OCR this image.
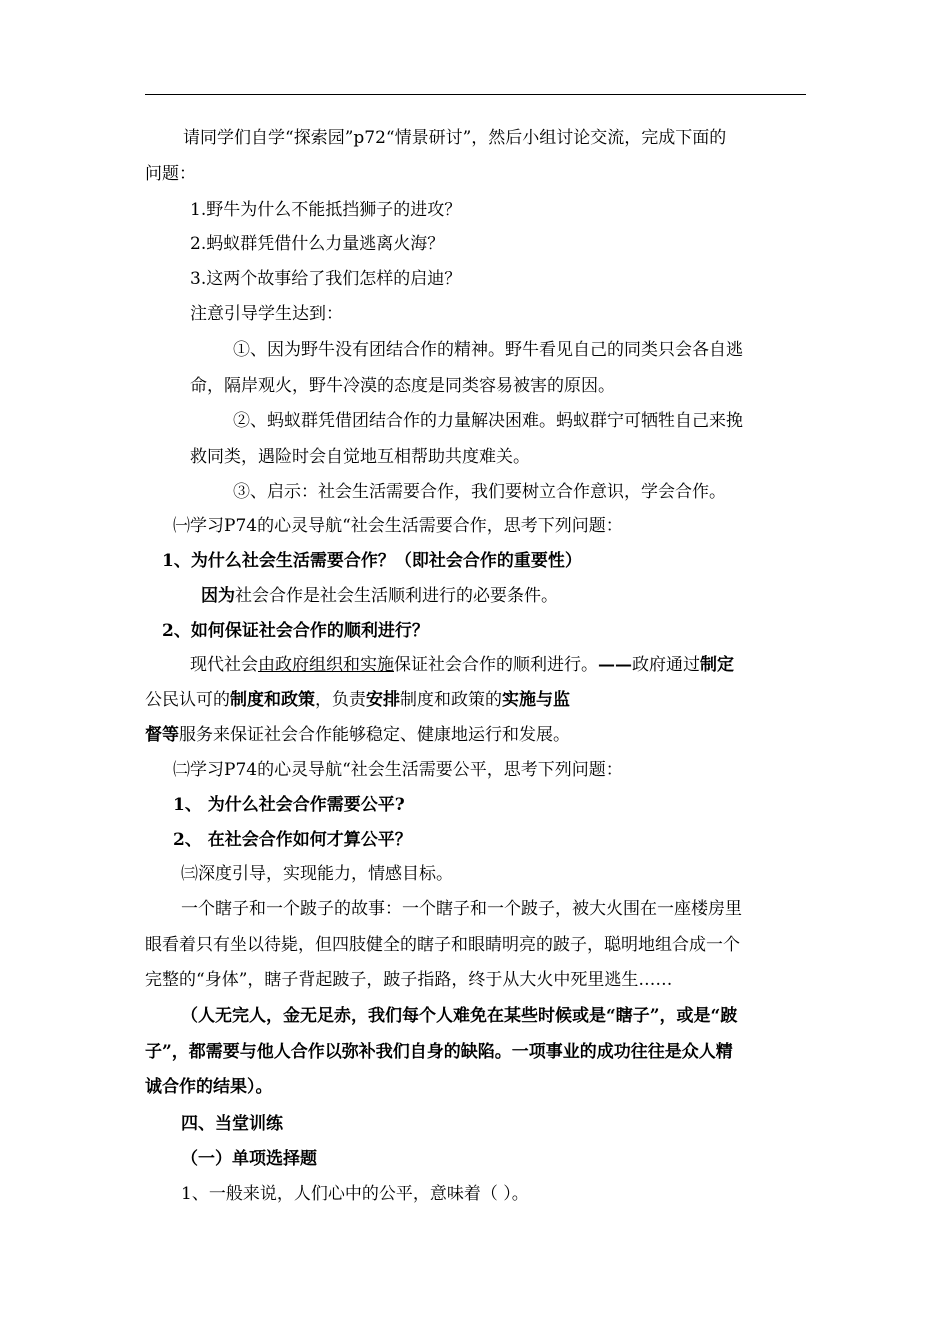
请同学们自学“探索园”p72“情景研讨”，然后小组讨论交流，完成下面的
问题：
1.野牛为什么不能抵挡狮子的进攻？
2.蚂蚁群凭借什么力量逃离火海？
3.这两个故事给了我们怎样的启迪？
注意引导学生达到：
①、因为野牛没有团结合作的精神。野牛看见自己的同类只会各自逃
命，隔岸观火，野牛冷漠的态度是同类容易被害的原因。
②、蚂蚁群凭借团结合作的力量解决困难。蚂蚁群宁可牺牲自己来挽
救同类，遇险时会自觉地互相帮助共度难关。
③、启示：社会生活需要合作，我们要树立合作意识，学会合作。
㈠学习P74的心灵导航“社会生活需要合作，思考下列问题：
1、为什么社会生活需要合作？（即社会合作的重要性）
因为社会合作是社会生活顺利进行的必要条件。
2、如何保证社会合作的顺利进行？
现代社会由政府组织和实施保证社会合作的顺利进行。——政府通过制定
公民认可的制度和政策，负责安排制度和政策的实施与监
督等服务来保证社会合作能够稳定、健康地运行和发展。
㈡学习P74的心灵导航“社会生活需要公平，思考下列问题：
1、 为什么社会合作需要公平?
2、 在社会合作如何才算公平？
㈢深度引导，实现能力，情感目标。
一个瞎子和一个跛子的故事：一个瞎子和一个跛子，被大火围在一座楼房里
眼看着只有坐以待毙，但四肢健全的瞎子和眼睛明亮的跛子，聪明地组合成一个
完整的“身体”，瞎子背起跛子，跛子指路，终于从大火中死里逃生……
（人无完人，金无足赤，我们每个人难免在某些时候或是“瞎子”，或是“跛
子”，都需要与他人合作以弥补我们自身的缺陷。一项事业的成功往往是众人精
诚合作的结果）。
四、当堂训练
（一）单项选择题
1、一般来说，人们心中的公平，意味着（ ）。
